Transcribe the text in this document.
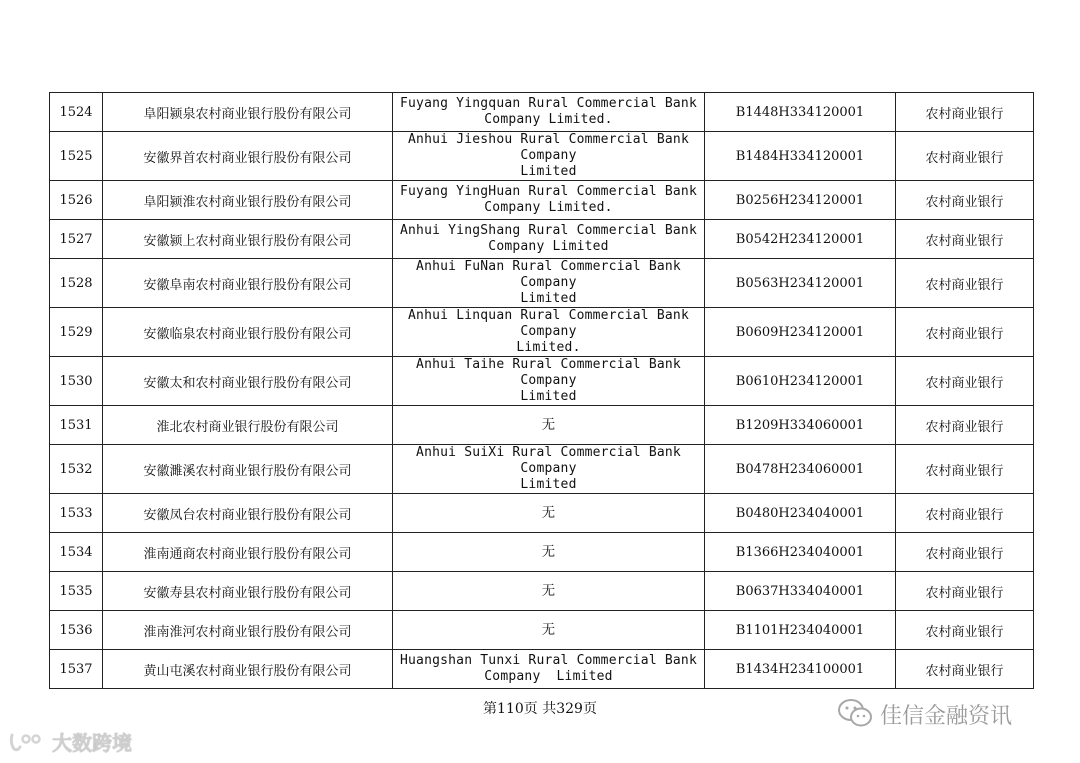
1524	阜阳颍泉农村商业银行股份有限公司	Fuyang Yingquan Rural Commercial Bank
Company Limited.	B1448H334120001	农村商业银行
1525	安徽界首农村商业银行股份有限公司	Anhui Jieshou Rural Commercial Bank Company
Limited	B1484H334120001	农村商业银行
1526	阜阳颍淮农村商业银行股份有限公司	Fuyang YingHuan Rural Commercial Bank
Company Limited.	B0256H234120001	农村商业银行
1527	安徽颍上农村商业银行股份有限公司	Anhui YingShang Rural Commercial Bank
Company Limited	B0542H234120001	农村商业银行
1528	安徽阜南农村商业银行股份有限公司	Anhui FuNan Rural Commercial Bank Company
Limited	B0563H234120001	农村商业银行
1529	安徽临泉农村商业银行股份有限公司	Anhui Linquan Rural Commercial Bank Company
Limited.	B0609H234120001	农村商业银行
1530	安徽太和农村商业银行股份有限公司	Anhui Taihe Rural Commercial Bank Company
Limited	B0610H234120001	农村商业银行
1531	淮北农村商业银行股份有限公司	无	B1209H334060001	农村商业银行
1532	安徽濉溪农村商业银行股份有限公司	Anhui SuiXi Rural Commercial Bank Company
Limited	B0478H234060001	农村商业银行
1533	安徽凤台农村商业银行股份有限公司	无	B0480H234040001	农村商业银行
1534	淮南通商农村商业银行股份有限公司	无	B1366H234040001	农村商业银行
1535	安徽寿县农村商业银行股份有限公司	无	B0637H334040001	农村商业银行
1536	淮南淮河农村商业银行股份有限公司	无	B1101H234040001	农村商业银行
1537	黄山屯溪农村商业银行股份有限公司	Huangshan Tunxi Rural Commercial Bank
Company  Limited	B1434H234100001	农村商业银行
第110页 共329页
大数跨境
佳信金融资讯
